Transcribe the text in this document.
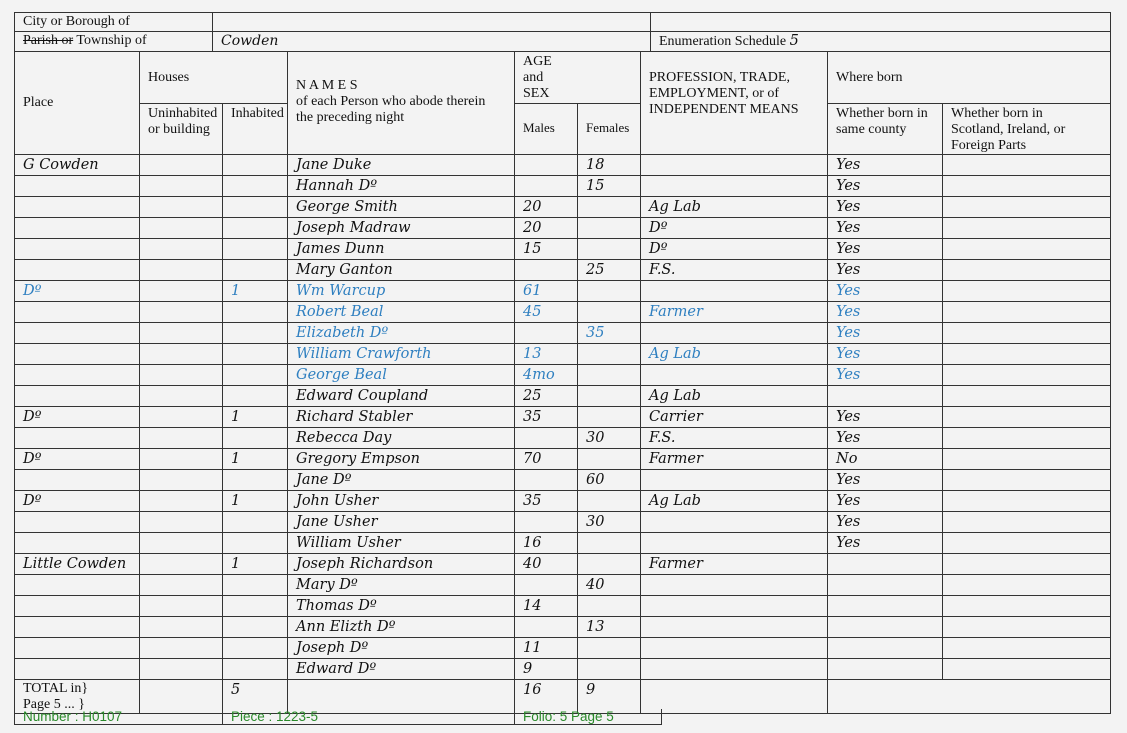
City or Borough of		
Parish or Township of	Cowden	Enumeration Schedule 5
Place	Houses		N A M E S
of each Person who abode therein the preceding night	AGE and SEX		PROFESSION, TRADE, EMPLOYMENT, or of INDEPENDENT MEANS	Where born	
	Uninhabited or building	Inhabited		Males	Females		Whether born in same county	Whether born in Scotland, Ireland, or Foreign Parts
G Cowden			Jane Duke		18		Yes	
			Hannah Dº		15		Yes	
			George Smith	20		Ag Lab	Yes	
			Joseph Madraw	20		Dº	Yes	
			James Dunn	15		Dº	Yes	
			Mary Ganton		25	F.S.	Yes	
Dº		1	Wm Warcup	61			Yes	
			Robert Beal	45		Farmer	Yes	
			Elizabeth Dº		35		Yes	
			William Crawforth	13		Ag Lab	Yes	
			George Beal	4mo			Yes	
			Edward Coupland	25		Ag Lab		
Dº		1	Richard Stabler	35		Carrier	Yes	
			Rebecca Day		30	F.S.	Yes	
Dº		1	Gregory Empson	70		Farmer	No	
			Jane Dº		60		Yes	
Dº		1	John Usher	35		Ag Lab	Yes	
			Jane Usher		30		Yes	
			William Usher	16			Yes	
Little Cowden		1	Joseph Richardson	40		Farmer		
			Mary Dº		40			
			Thomas Dº	14				
			Ann Elizth Dº		13			
			Joseph Dº	11				
			Edward Dº	9				

TOTAL in}
Page 5 ... }		5		16	9			
Number : H0107	Piece : 1223-5	Folio: 5 Page 5
